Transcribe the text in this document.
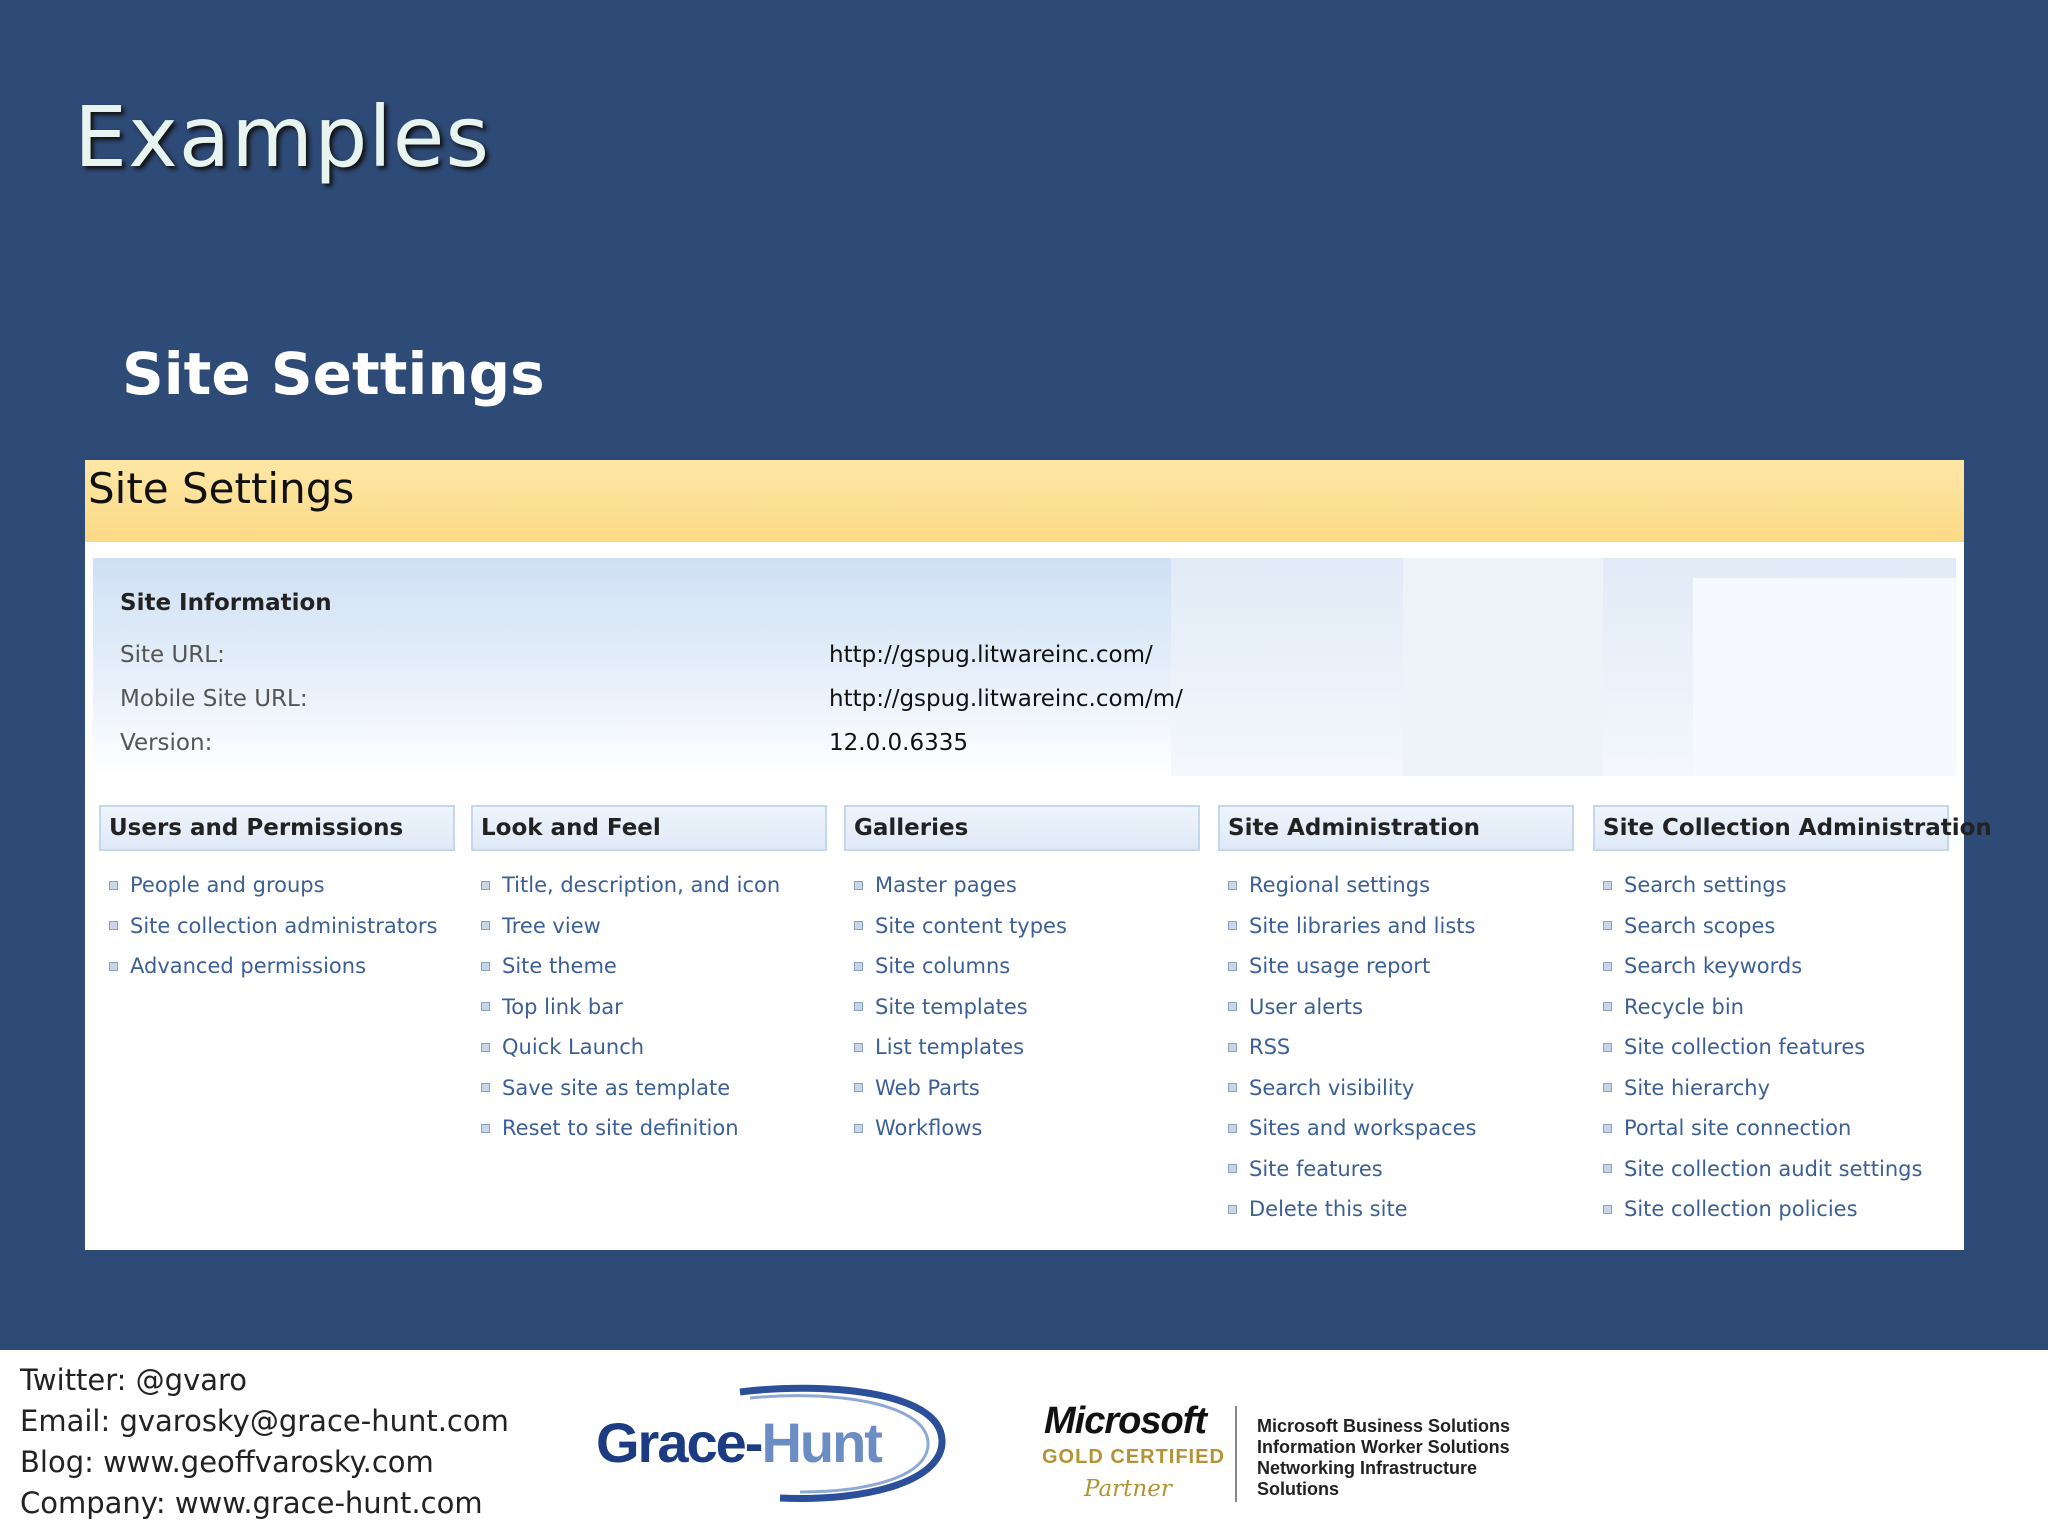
Examples
Site Settings
Site Settings
Site Information
Site URL:	http://gspug.litwareinc.com/
Mobile Site URL:	http://gspug.litwareinc.com/m/
Version:	12.0.0.6335
Users and Permissions
People and groups
Site collection administrators
Advanced permissions
Look and Feel
Title, description, and icon
Tree view
Site theme
Top link bar
Quick Launch
Save site as template
Reset to site definition
Galleries
Master pages
Site content types
Site columns
Site templates
List templates
Web Parts
Workflows
Site Administration
Regional settings
Site libraries and lists
Site usage report
User alerts
RSS
Search visibility
Sites and workspaces
Site features
Delete this site
Site Collection Administration
Search settings
Search scopes
Search keywords
Recycle bin
Site collection features
Site hierarchy
Portal site connection
Site collection audit settings
Site collection policies
Twitter: @gvaro
Email: gvarosky@grace-hunt.com
Blog: www.geoffvarosky.com
Company: www.grace-hunt.com
Grace-Hunt	Microsoft
GOLD CERTIFIED
Partner
Microsoft Business Solutions
Information Worker Solutions
Networking Infrastructure Solutions
